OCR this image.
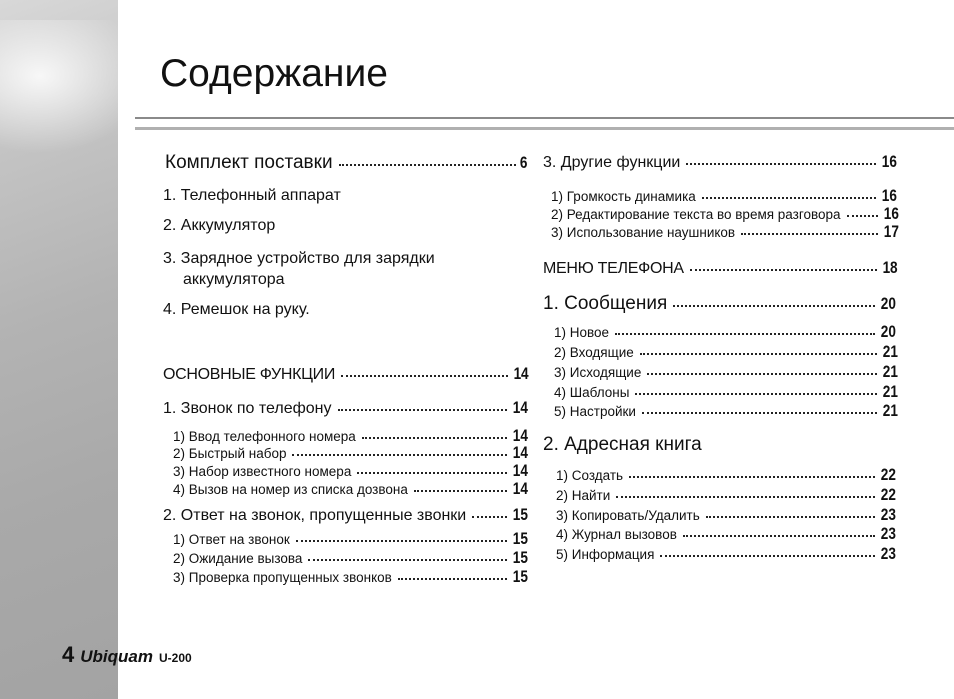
Содержание
Комплект поставки	6
1. Телефонный аппарат
2. Аккумулятор
3. Зарядное устройство для зарядки
аккумулятора
4. Ремешок на руку.
ОСНОВНЫЕ ФУНКЦИИ	14
1. Звонок по телефону	14
1) Ввод телефонного номера	14
2) Быстрый набор	14
3) Набор известного номера	14
4) Вызов на номер из списка дозвона	14
2. Ответ на звонок, пропущенные звонки	15
1) Ответ на звонок	15
2) Ожидание вызова	15
3) Проверка пропущенных звонков	15
3. Другие функции	16
1) Громкость динамика	16
2) Редактирование текста во время разговора	16
3) Использование наушников	17
МЕНЮ ТЕЛЕФОНА	18
1. Сообщения	20
1) Новое	20
2) Входящие	21
3) Исходящие	21
4) Шаблоны	21
5) Настройки	21
2. Адресная книга
1) Создать	22
2) Найти	22
3) Копировать/Удалить	23
4) Журнал вызовов	23
5) Информация	23
4 Ubiquam U-200
